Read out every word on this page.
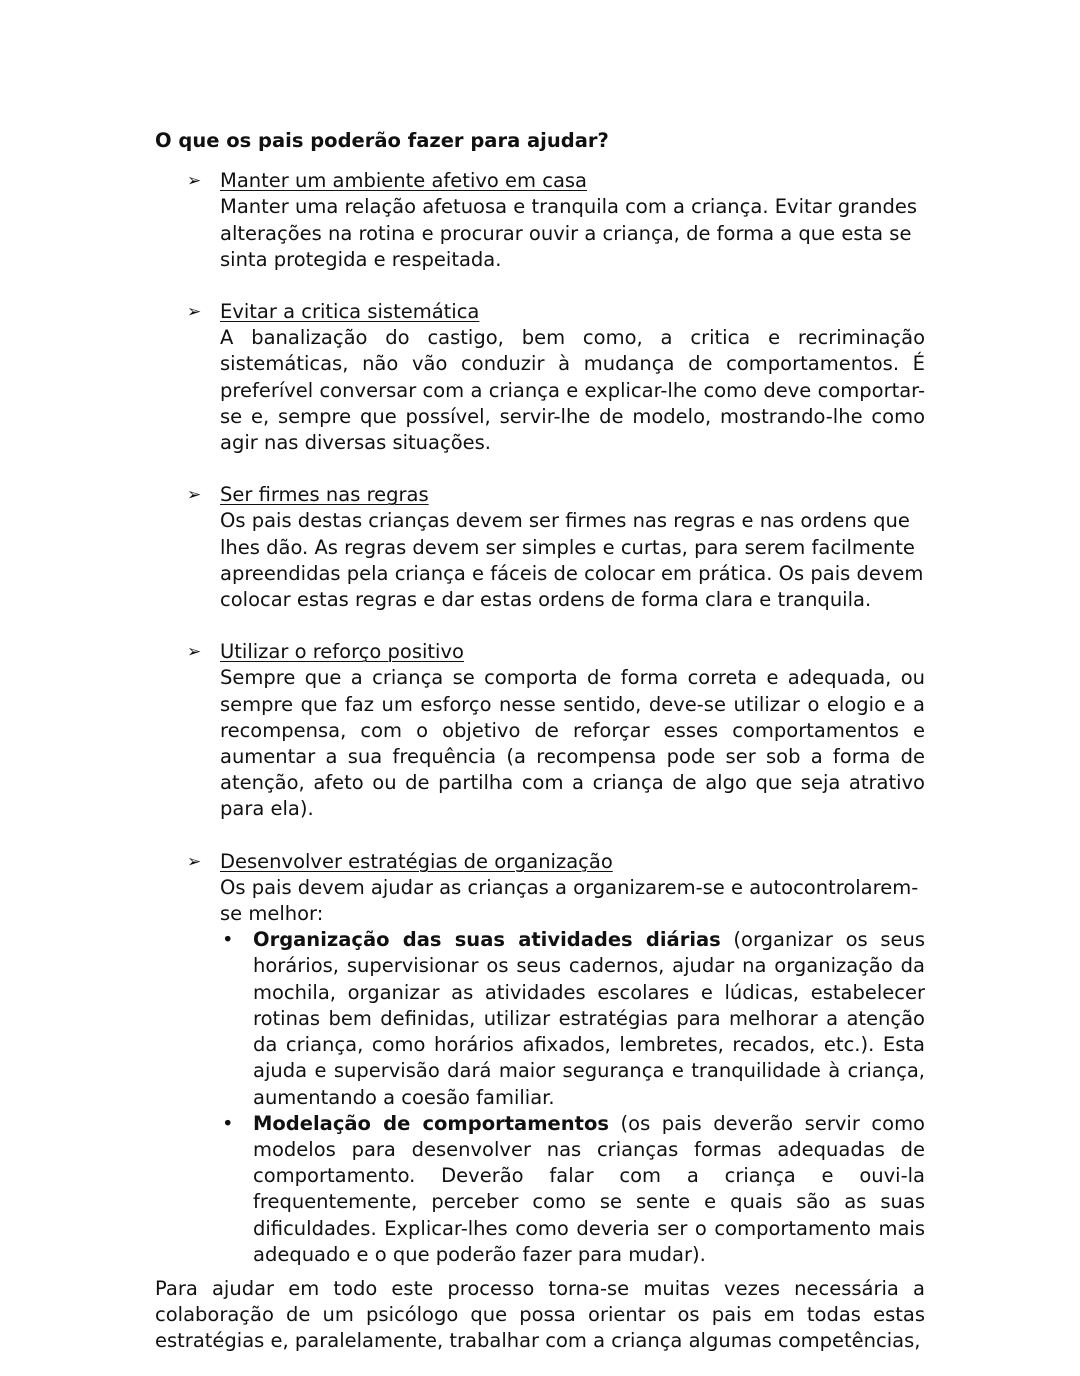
O que os pais poderão fazer para ajudar?

➢ Manter um ambiente afetivo em casa

Manter uma relação afetuosa e tranquila com a criança. Evitar grandes alterações na rotina e procurar ouvir a criança, de forma a que esta se sinta protegida e respeitada.

➢ Evitar a critica sistemática

A banalização do castigo, bem como, a critica e recriminação sistemáticas, não vão conduzir à mudança de comportamentos. É preferível conversar com a criança e explicar-lhe como deve comportar-se e, sempre que possível, servir-lhe de modelo, mostrando-lhe como agir nas diversas situações.

➢ Ser firmes nas regras

Os pais destas crianças devem ser firmes nas regras e nas ordens que lhes dão. As regras devem ser simples e curtas, para serem facilmente apreendidas pela criança e fáceis de colocar em prática. Os pais devem colocar estas regras e dar estas ordens de forma clara e tranquila.

➢ Utilizar o reforço positivo

Sempre que a criança se comporta de forma correta e adequada, ou sempre que faz um esforço nesse sentido, deve-se utilizar o elogio e a recompensa, com o objetivo de reforçar esses comportamentos e aumentar a sua frequência (a recompensa pode ser sob a forma de atenção, afeto ou de partilha com a criança de algo que seja atrativo para ela).

➢ Desenvolver estratégias de organização

Os pais devem ajudar as crianças a organizarem-se e autocontrolarem-se melhor:

• Organização das suas atividades diárias (organizar os seus horários, supervisionar os seus cadernos, ajudar na organização da mochila, organizar as atividades escolares e lúdicas, estabelecer rotinas bem definidas, utilizar estratégias para melhorar a atenção da criança, como horários afixados, lembretes, recados, etc.). Esta ajuda e supervisão dará maior segurança e tranquilidade à criança, aumentando a coesão familiar.
• Modelação de comportamentos (os pais deverão servir como modelos para desenvolver nas crianças formas adequadas de comportamento. Deverão falar com a criança e ouvi-la frequentemente, perceber como se sente e quais são as suas dificuldades. Explicar-lhes como deveria ser o comportamento mais adequado e o que poderão fazer para mudar).

Para ajudar em todo este processo torna-se muitas vezes necessária a colaboração de um psicólogo que possa orientar os pais em todas estas estratégias e, paralelamente, trabalhar com a criança algumas competências,
